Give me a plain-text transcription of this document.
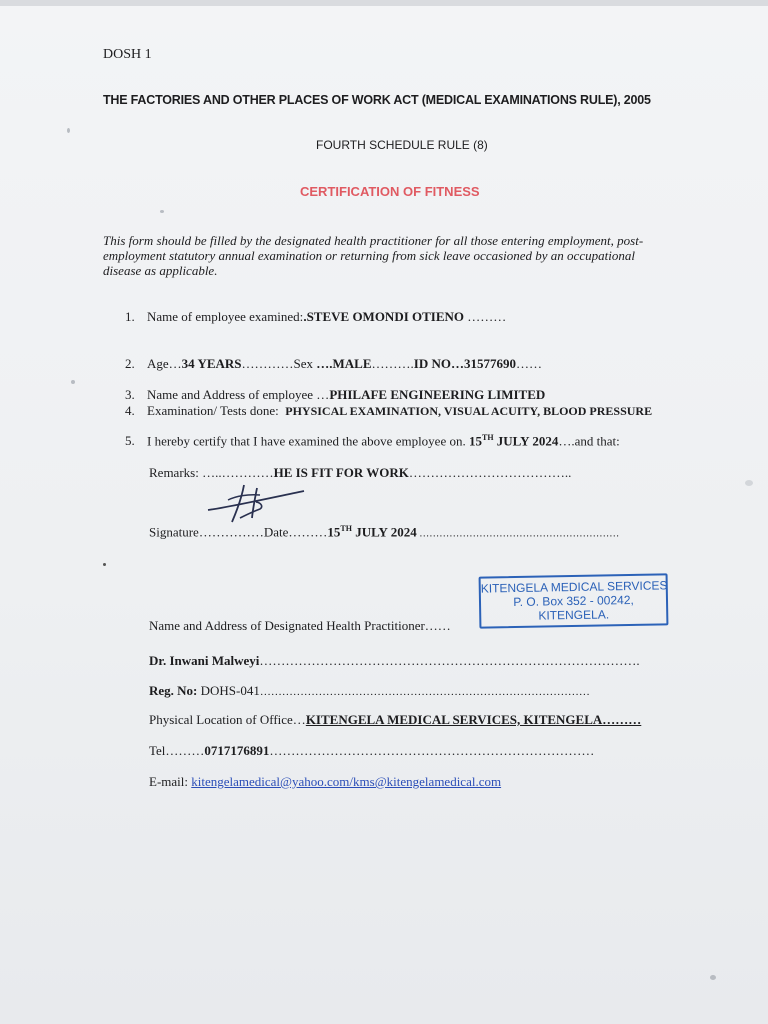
DOSH 1
THE FACTORIES AND OTHER PLACES OF WORK ACT (MEDICAL EXAMINATIONS RULE), 2005
FOURTH SCHEDULE RULE (8)
CERTIFICATION OF FITNESS
This form should be filled by the designated health practitioner for all those entering employment, post-
employment statutory annual examination or returning from sick leave occasioned by an occupational
disease as applicable.
1. Name of employee examined:.STEVE OMONDI OTIENO ………
2. Age…34 YEARS…………Sex ….MALE……….ID NO…31577690……
3. Name and Address of employee …PHILAFE ENGINEERING LIMITED
4. Examination/ Tests done: PHYSICAL EXAMINATION, VISUAL ACUITY, BLOOD PRESSURE
5. I hereby certify that I have examined the above employee on. 15TH JULY 2024….and that:
Remarks: …..…………HE IS FIT FOR WORK………………………………..
Signature……………Date………15TH JULY 2024 ……………………………………………………
KITENGELA MEDICAL SERVICES
P. O. Box 352 - 00242,
KITENGELA.
Name and Address of Designated Health Practitioner……
Dr. Inwani Malweyi…………………………………………………………………………….
Reg. No: DOHS-041………………………………………………………………………………
Physical Location of Office…KITENGELA MEDICAL SERVICES, KITENGELA………
Tel………0717176891…………………………………………………………………
E-mail: kitengelamedical@yahoo.com/kms@kitengelamedical.com
